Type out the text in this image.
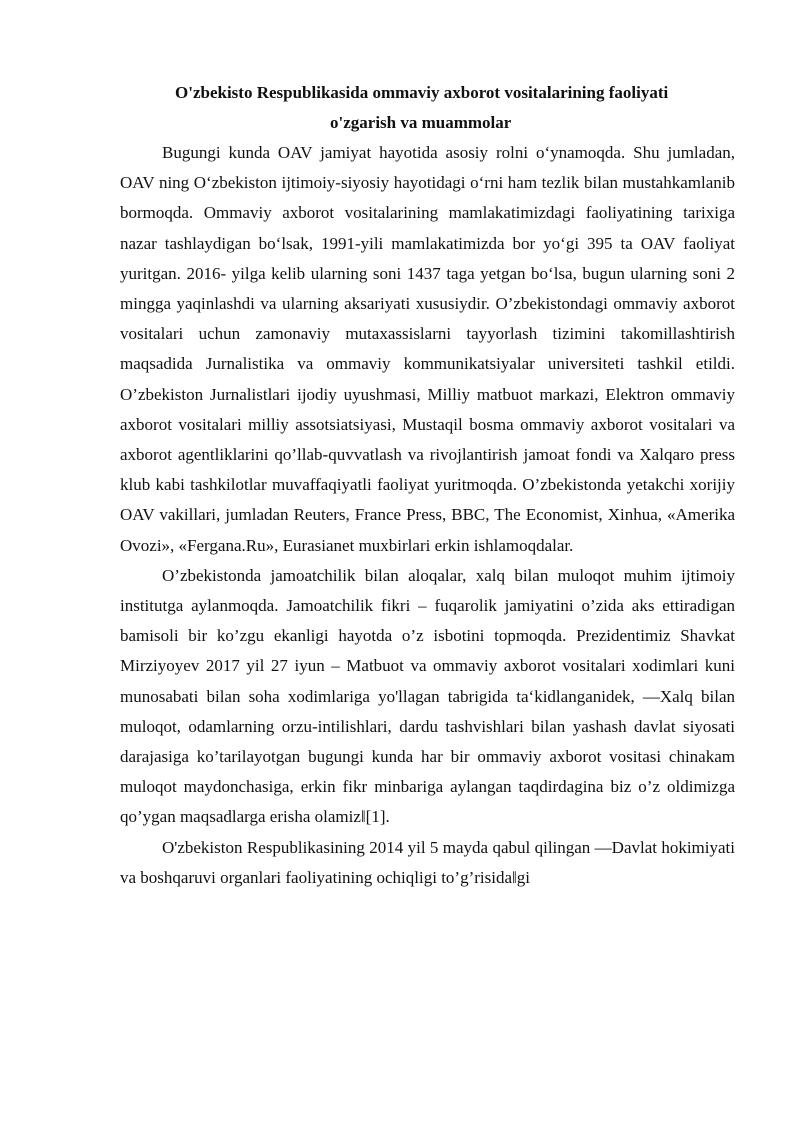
O'zbekisto Respublikasida ommaviy axborot vositalarining faoliyati
o'zgarish va muammolar

Bugungi kunda OAV jamiyat hayotida asosiy rolni o‘ynamoqda. Shu jumladan, OAV ning O‘zbekiston ijtimoiy-siyosiy hayotidagi o‘rni ham tezlik bilan mustahkamlanib bormoqda. Ommaviy axborot vositalarining mamlakatimizdagi faoliyatining tarixiga nazar tashlaydigan bo‘lsak, 1991-yili mamlakatimizda bor yo‘gi 395 ta OAV faoliyat yuritgan. 2016- yilga kelib ularning soni 1437 taga yetgan bo‘lsa, bugun ularning soni 2 mingga yaqinlashdi va ularning aksariyati xususiydir. O’zbekistondagi ommaviy axborot vositalari uchun zamonaviy mutaxassislarni tayyorlash tizimini takomillashtirish maqsadida Jurnalistika va ommaviy kommunikatsiyalar universiteti tashkil etildi. O’zbekiston Jurnalistlari ijodiy uyushmasi, Milliy matbuot markazi, Elektron ommaviy axborot vositalari milliy assotsiatsiyasi, Mustaqil bosma ommaviy axborot vositalari va axborot agentliklarini qo’llab-quvvatlash va rivojlantirish jamoat fondi va Xalqaro press klub kabi tashkilotlar muvaffaqiyatli faoliyat yuritmoqda. O’zbekistonda yetakchi xorijiy OAV vakillari, jumladan Reuters, France Press, BBC, The Economist, Xinhua, «Amerika Ovozi», «Fergana.Ru», Eurasianet muxbirlari erkin ishlamoqdalar.

O’zbekistonda jamoatchilik bilan aloqalar, xalq bilan muloqot muhim ijtimoiy institutga aylanmoqda. Jamoatchilik fikri – fuqarolik jamiyatini o’zida aks ettiradigan bamisoli bir ko’zgu ekanligi hayotda o’z isbotini topmoqda. Prezidentimiz Shavkat Mirziyoyev 2017 yil 27 iyun – Matbuot va ommaviy axborot vositalari xodimlari kuni munosabati bilan soha xodimlariga yo'llagan tabrigida ta‘kidlanganidek, ―Xalq bilan muloqot, odamlarning orzu-intilishlari, dardu tashvishlari bilan yashash davlat siyosati darajasiga ko’tarilayotgan bugungi kunda har bir ommaviy axborot vositasi chinakam muloqot maydonchasiga, erkin fikr minbariga aylangan taqdirdagina biz o’z oldimizga qo’ygan maqsadlarga erisha olamiz‖[1].

O'zbekiston Respublikasining 2014 yil 5 mayda qabul qilingan ―Davlat hokimiyati va boshqaruvi organlari faoliyatining ochiqligi to’g’risida‖gi
